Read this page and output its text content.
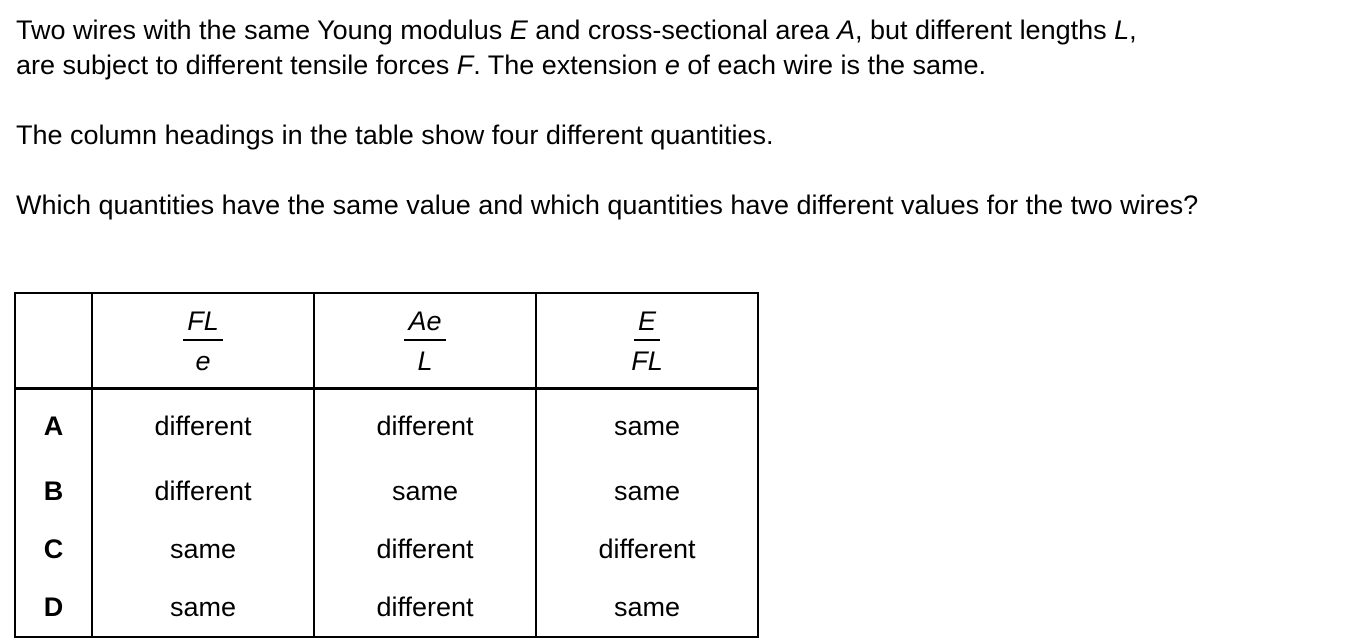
Two wires with the same Young modulus E and cross-sectional area A, but different lengths L,
are subject to different tensile forces F. The extension e of each wire is the same.

The column headings in the table show four different quantities.

Which quantities have the same value and which quantities have different values for the two wires?

	$\frac{FL}{e}$	$\frac{Ae}{L}$	$\frac{E}{FL}$

A	different	different	same
B	different	same	same
C	same	different	different
D	same	different	same
